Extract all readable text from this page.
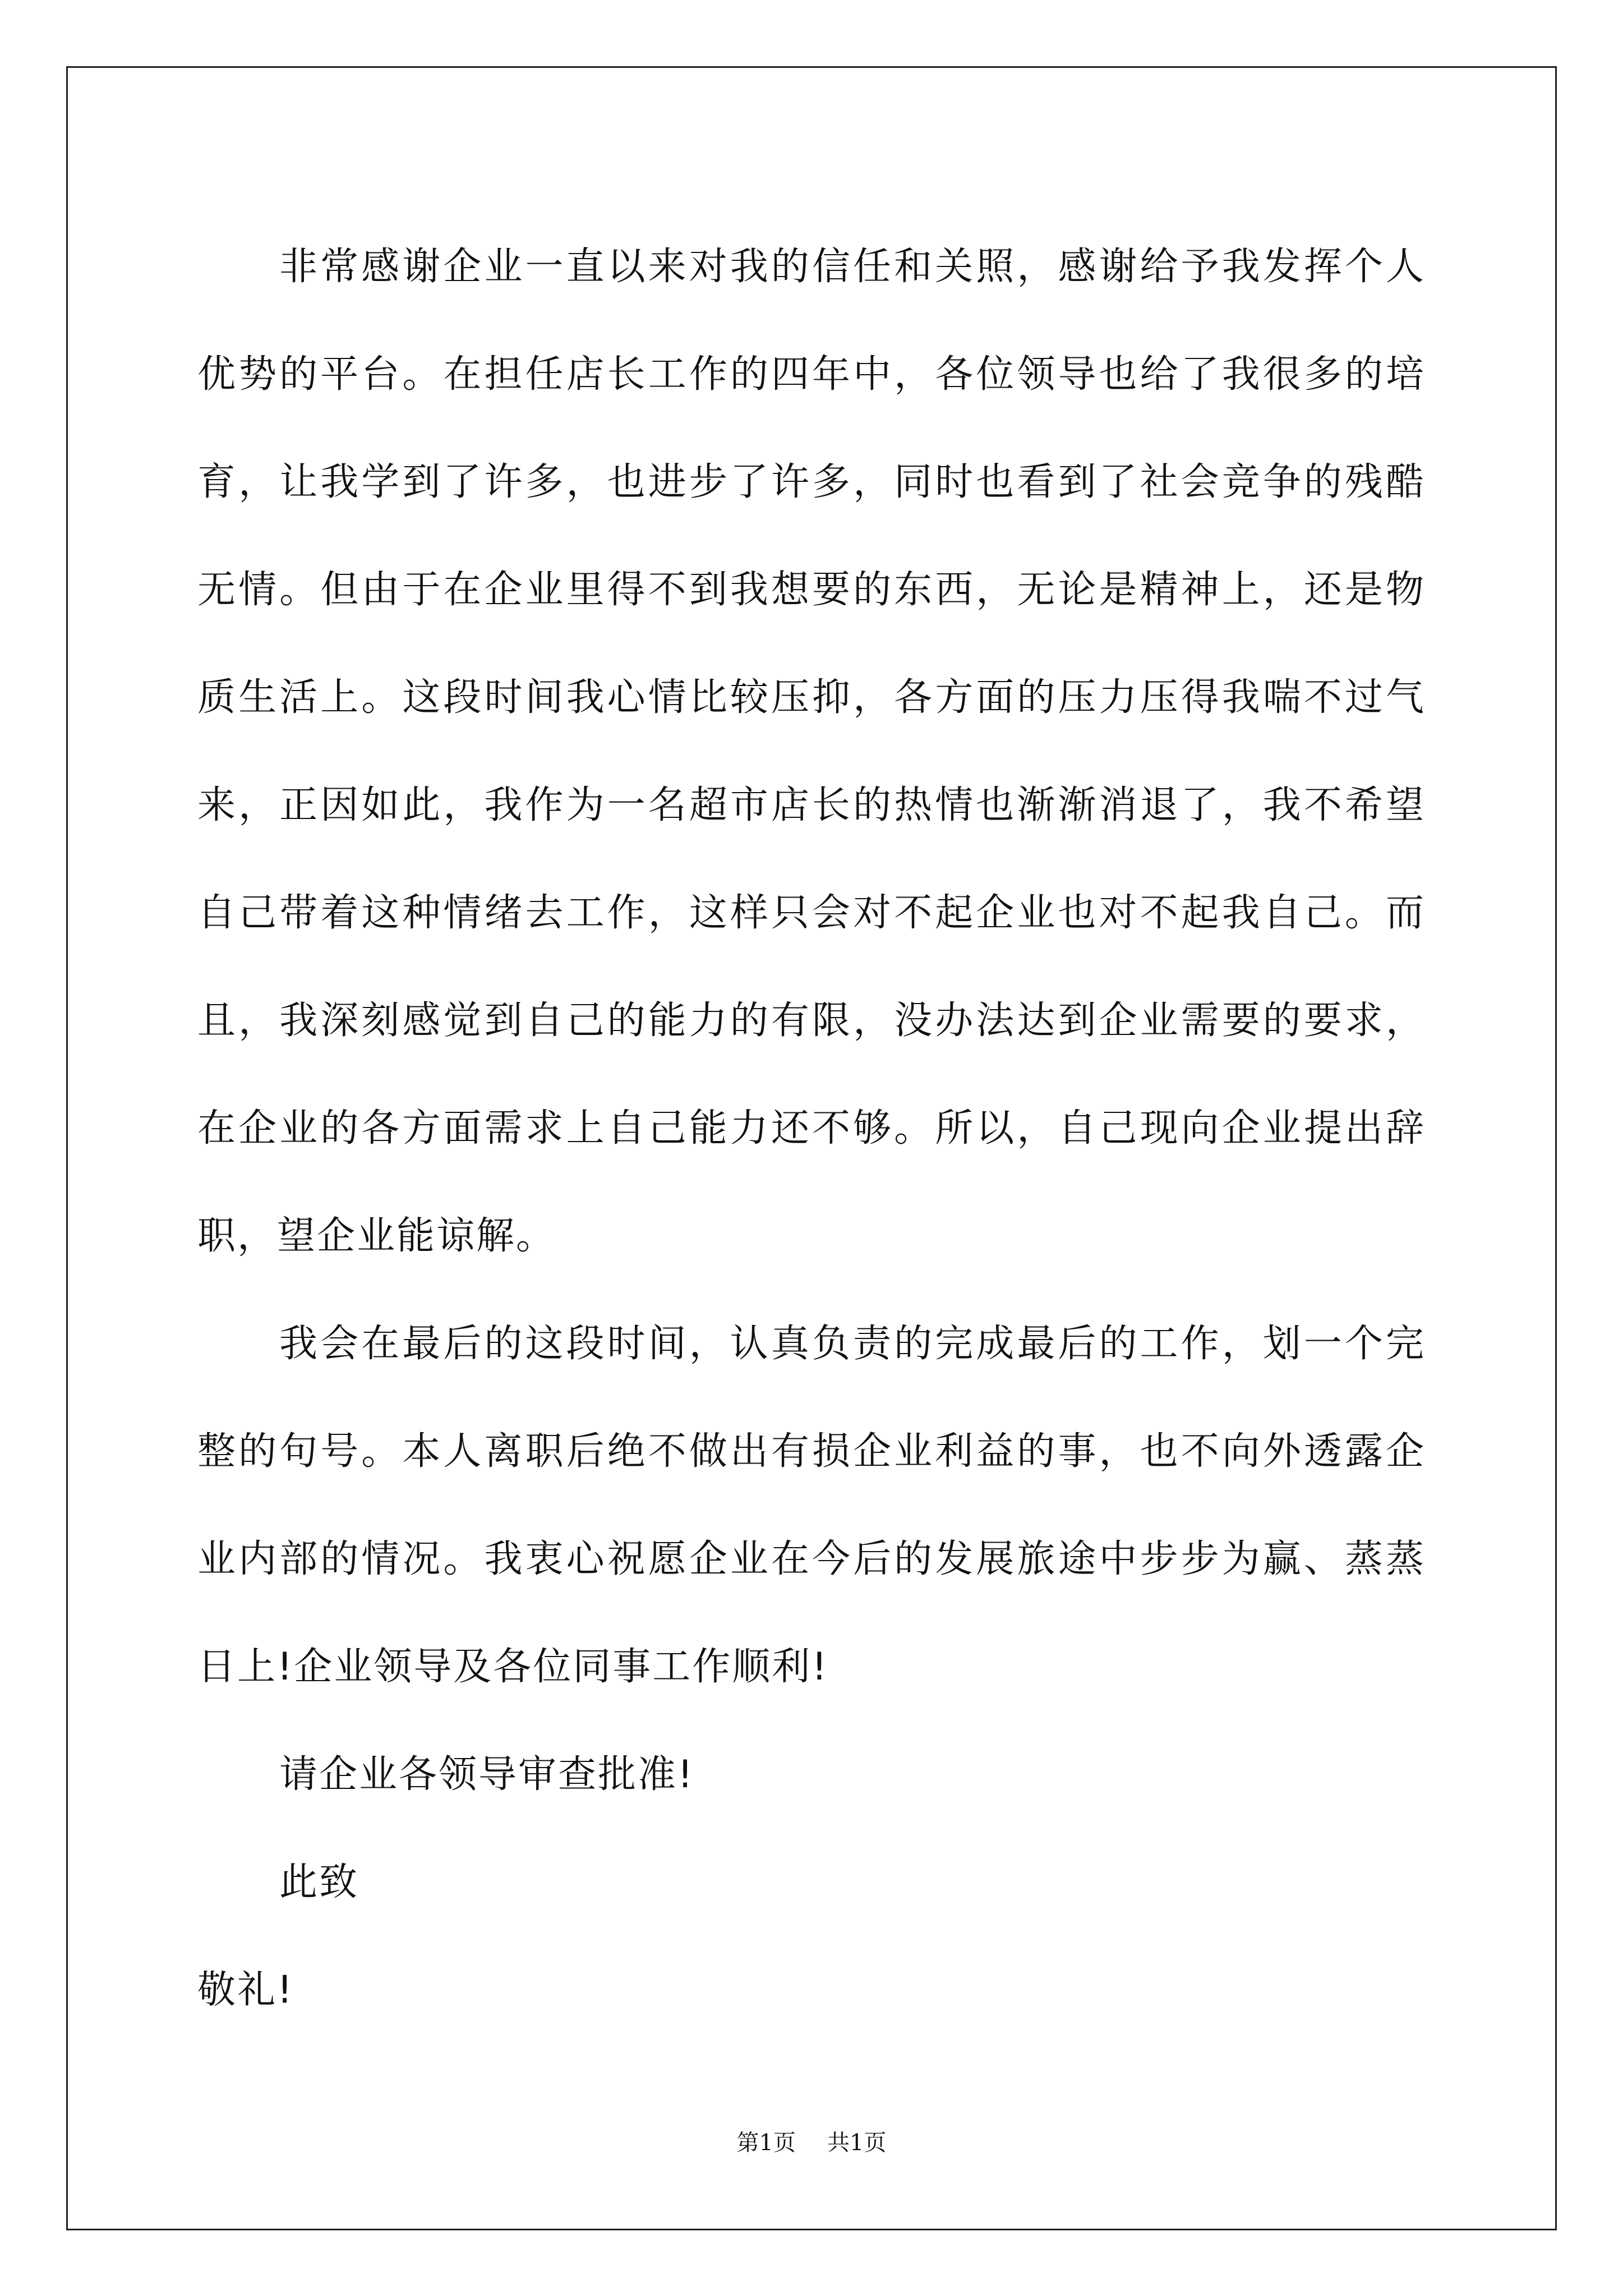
非常感谢企业一直以来对我的信任和关照，感谢给予我发挥个人优势的平台。在担任店长工作的四年中，各位领导也给了我很多的培育，让我学到了许多，也进步了许多，同时也看到了社会竞争的残酷无情。但由于在企业里得不到我想要的东西，无论是精神上，还是物质生活上。这段时间我心情比较压抑，各方面的压力压得我喘不过气来，正因如此，我作为一名超市店长的热情也渐渐消退了，我不希望自己带着这种情绪去工作，这样只会对不起企业也对不起我自己。而且，我深刻感觉到自己的能力的有限，没办法达到企业需要的要求，在企业的各方面需求上自己能力还不够。所以，自己现向企业提出辞职，望企业能谅解。

我会在最后的这段时间，认真负责的完成最后的工作，划一个完整的句号。本人离职后绝不做出有损企业利益的事，也不向外透露企业内部的情况。我衷心祝愿企业在今后的发展旅途中步步为赢、蒸蒸日上!企业领导及各位同事工作顺利!

请企业各领导审查批准!

此致

敬礼!

第1页 共1页
